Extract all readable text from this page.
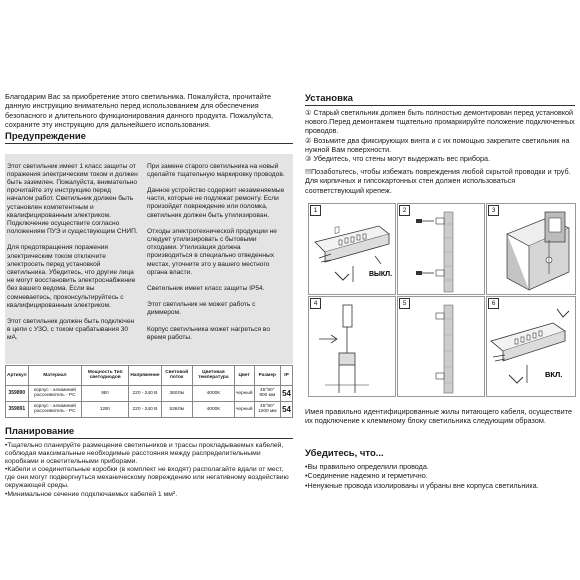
Благодарим Вас за приобретение этого светильника. Пожалуйста, прочитайте данную инструкцию внимательно перед использованием для обеспечения безопасного и длительного функционирования данного продукта. Пожалуйста, сохраните эту инструкцию для дальнейшего использования.

Предупреждение

Этот светильник имеет 1 класс защиты от поражения электрическим током и должен быть заземлен. Пожалуйста, внимательно прочитайте эту инструкцию перед началом работ. Светильник должен быть установлен компетентным и квалифицированным электриком. Подключение осуществите согласно положениям ПУЭ и существующим СНИП.

Для предотвращения поражения электрическим током отключите электросеть перед установкой светильника. Убедитесь, что другие лица не могут восстановить электроснабжение без вашего ведома. Если вы сомневаетесь, проконсультируйтесь с квалифицированным электриком.

Этот светильник должен быть подключен в цепи с УЗО, с током срабатывания 30 мА.

При замене старого светильника на новый сделайте тщательную маркировку проводов.

Данное устройство содержит незаменяемые части, которые не подлежат ремонту. Если произойдет повреждение или поломка, светильник должен быть утилизирован.

Отходы электротехнической продукции не следует утилизировать с бытовыми отходами. Утилизация должна производиться в специально отведенных местах, уточните это у вашего местного органа власти.

Светильник имеет класс защиты IP54.

Этот светильник не может работь с диммером.

Корпус светильника может нагреться во время работы.

Артикул	Материал	Мощность Тип светодиодов	Напряжение	Световой поток	Цветовая температура	Цвет	Размер	IP
359890	корпус - алюминий рассеиватель - PC	9Вт	220 - 240 В	360Лм	4000К	черный	45°90° 900 мм	54
359891	корпус - алюминий рассеиватель - PC	12Вт	220 - 240 В	536Лм	4000К	черный	45°90° 1200 мм	54
Планирование
•Тщательно планируйте размещение светильников и трассы прокладываемых кабелей, соблюдая максимальные необходимые расстояния между распределительными коробками и осветительными приборами.
•Кабели и соединительные коробки (в комплект не входят) располагайте вдали от мест, где они могут подвергнуться механическому повреждению или негативному воздействию окружающей среды.
•Минимальное сечение подключаемых кабелей 1 мм².
Установка
① Старый светильник должен быть полностью демонтирован перед установкой нового.Перед демонтажем тщательно промаркируйте положение подключенных проводов.
② Возьмите два фиксирующих винта и с их помощью закрепите светильник на нужной Вам поверхности.
③ Убедитесь, что стены могут выдержать вес прибора.
!!!Позаботьтесь, чтобы избежать повреждения любой скрытой проводки и труб. Для кирпичных и гипсокартонных стен должен использоваться соответствующий крепеж.
1
ВЫКЛ.
2	3
4	5	6
ВКЛ.
Имея правильно идентифицированные жилы питающего кабеля, осуществите их подключение к клеммному блоку светильника следующим образом.
Убедитесь, что...
•Вы правильно определили провода.
•Соединение надежно и герметично.
•Ненужные провода изолированы и убраны вне корпуса светильника.
